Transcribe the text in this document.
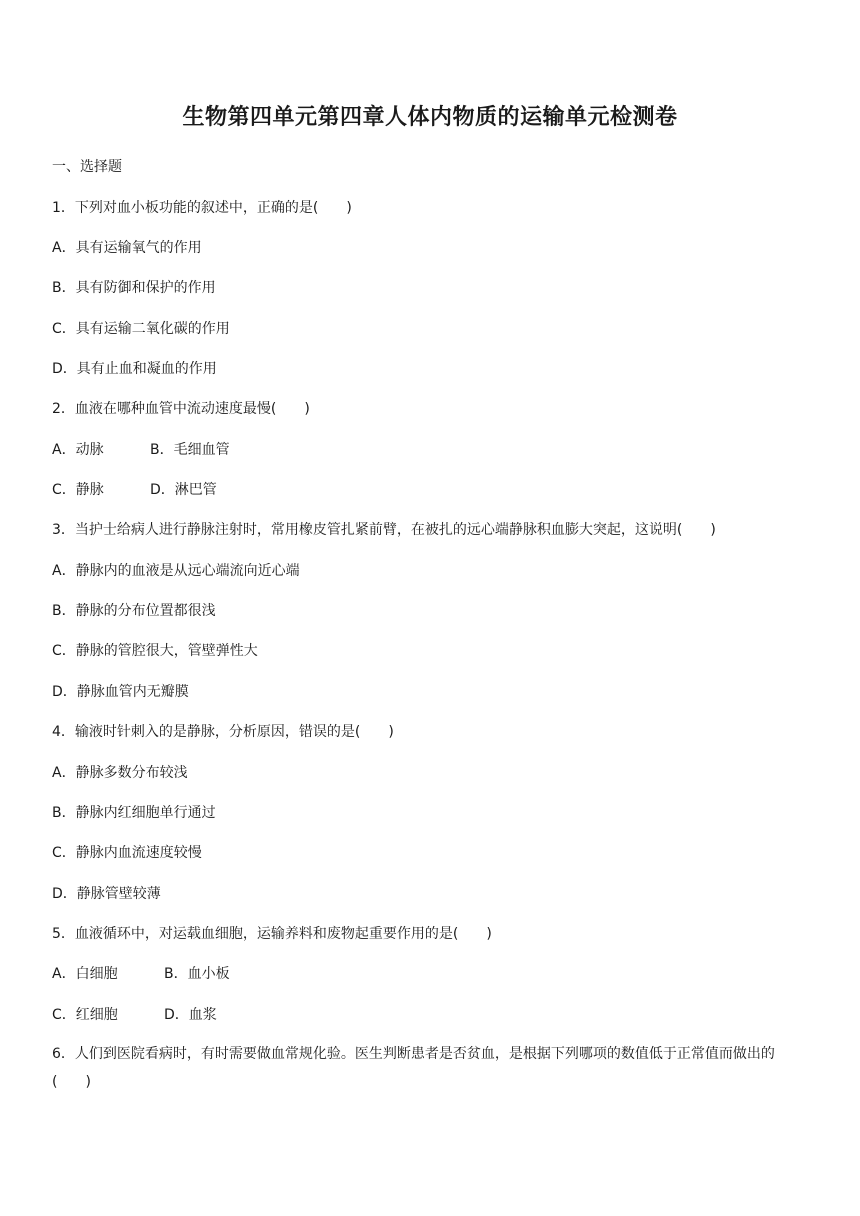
生物第四单元第四章人体内物质的运输单元检测卷
一、选择题
1．下列对血小板功能的叙述中，正确的是(　　)
A．具有运输氧气的作用
B．具有防御和保护的作用
C．具有运输二氧化碳的作用
D．具有止血和凝血的作用
2．血液在哪种血管中流动速度最慢(　　)
A．动脉	B．毛细血管
C．静脉	D．淋巴管
3．当护士给病人进行静脉注射时，常用橡皮管扎紧前臂，在被扎的远心端静脉积血膨大突起，这说明(　　)
A．静脉内的血液是从远心端流向近心端
B．静脉的分布位置都很浅
C．静脉的管腔很大，管壁弹性大
D．静脉血管内无瓣膜
4．输液时针刺入的是静脉，分析原因，错误的是(　　)
A．静脉多数分布较浅
B．静脉内红细胞单行通过
C．静脉内血流速度较慢
D．静脉管壁较薄
5．血液循环中，对运载血细胞，运输养料和废物起重要作用的是(　　)
A．白细胞	B．血小板
C．红细胞	D．血浆
6．人们到医院看病时，有时需要做血常规化验。医生判断患者是否贫血，是根据下列哪项的数值低于正常值而做出的(　　)
